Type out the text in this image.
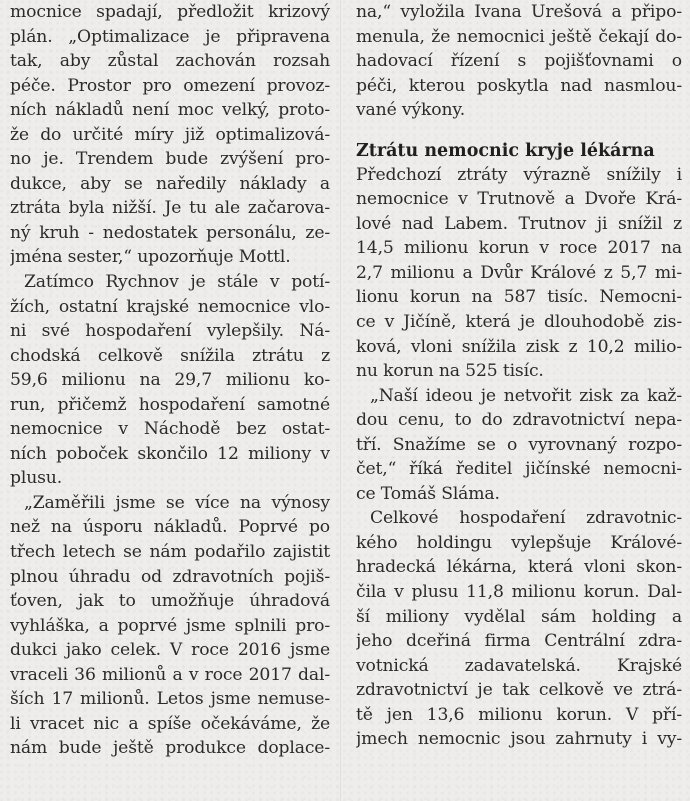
mocnice spadají, předložit krizový
plán. „Optimalizace je připravena
tak, aby zůstal zachován rozsah
péče. Prostor pro omezení provoz-
ních nákladů není moc velký, proto-
že do určité míry již optimalizová-
no je. Trendem bude zvýšení pro-
dukce, aby se naředily náklady a
ztráta byla nižší. Je tu ale začarova-
ný kruh - nedostatek personálu, ze-
jména sester,“ upozorňuje Mottl.
Zatímco Rychnov je stále v potí-
žích, ostatní krajské nemocnice vlo-
ni své hospodaření vylepšily. Ná-
chodská celkově snížila ztrátu z
59,6 milionu na 29,7 milionu ko-
run, přičemž hospodaření samotné
nemocnice v Náchodě bez ostat-
ních poboček skončilo 12 miliony v
plusu.
„Zaměřili jsme se více na výnosy
než na úsporu nákladů. Poprvé po
třech letech se nám podařilo zajistit
plnou úhradu od zdravotních pojiš-
ťoven, jak to umožňuje úhradová
vyhláška, a poprvé jsme splnili pro-
dukci jako celek. V roce 2016 jsme
vraceli 36 milionů a v roce 2017 dal-
ších 17 milionů. Letos jsme nemuse-
li vracet nic a spíše očekáváme, že
nám bude ještě produkce doplace-
na,“ vyložila Ivana Urešová a připo-
menula, že nemocnici ještě čekají do-
hadovací řízení s pojišťovnami o
péči, kterou poskytla nad nasmlou-
vané výkony.
Ztrátu nemocnic kryje lékárna
Předchozí ztráty výrazně snížily i
nemocnice v Trutnově a Dvoře Krá-
lové nad Labem. Trutnov ji snížil z
14,5 milionu korun v roce 2017 na
2,7 milionu a Dvůr Králové z 5,7 mi-
lionu korun na 587 tisíc. Nemocni-
ce v Jičíně, která je dlouhodobě zis-
ková, vloni snížila zisk z 10,2 milio-
nu korun na 525 tisíc.
„Naší ideou je netvořit zisk za kaž-
dou cenu, to do zdravotnictví nepa-
tří. Snažíme se o vyrovnaný rozpo-
čet,“ říká ředitel jičínské nemocni-
ce Tomáš Sláma.
Celkové hospodaření zdravotnic-
kého holdingu vylepšuje Králové-
hradecká lékárna, která vloni skon-
čila v plusu 11,8 milionu korun. Dal-
ší miliony vydělal sám holding a
jeho dceřiná firma Centrální zdra-
votnická zadavatelská. Krajské
zdravotnictví je tak celkově ve ztrá-
tě jen 13,6 milionu korun. V pří-
jmech nemocnic jsou zahrnuty i vy-
